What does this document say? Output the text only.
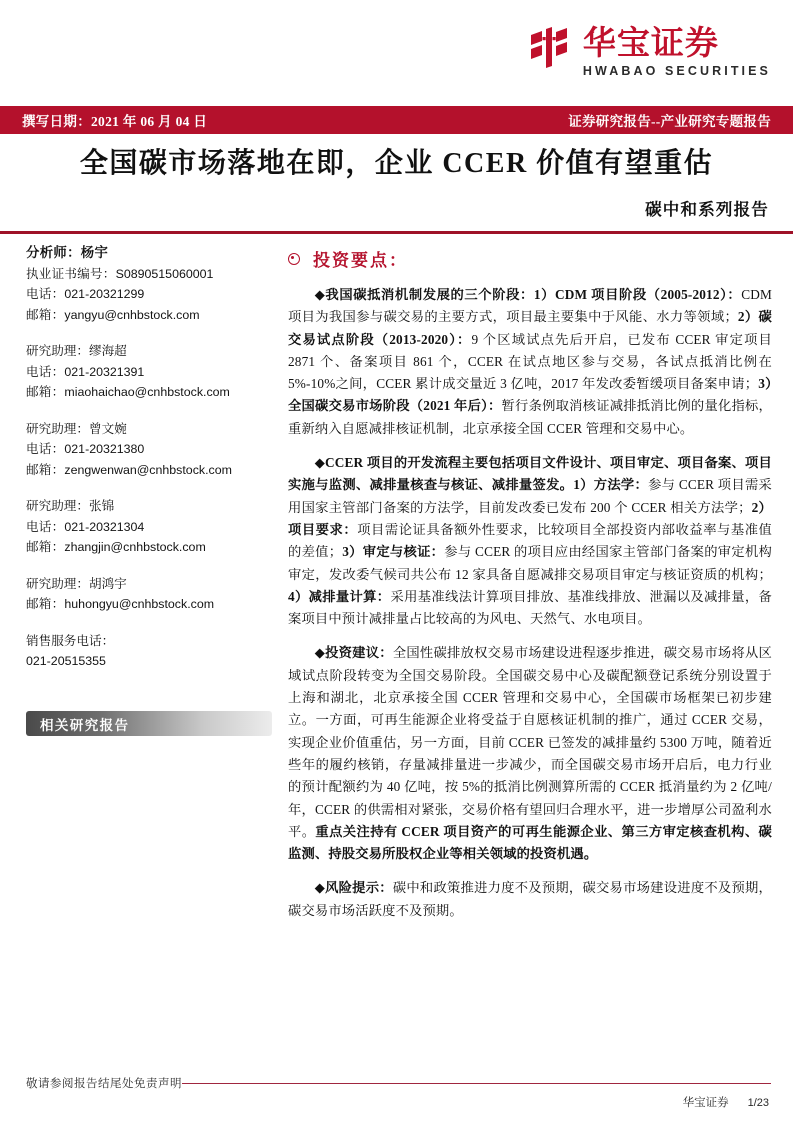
华宝证券
HWABAO SECURITIES
撰写日期：2021 年 06 月 04 日	证券研究报告--产业研究专题报告
全国碳市场落地在即，企业 CCER 价值有望重估
碳中和系列报告
分析师：杨宇
执业证书编号：S0890515060001
电话：021-20321299
邮箱：yangyu@cnhbstock.com
研究助理：缪海超
电话：021-20321391
邮箱：miaohaichao@cnhbstock.com
研究助理：曾文婉
电话：021-20321380
邮箱：zengwenwan@cnhbstock.com
研究助理：张锦
电话：021-20321304
邮箱：zhangjin@cnhbstock.com
研究助理：胡鸿宇
邮箱：huhongyu@cnhbstock.com
销售服务电话：
021-20515355
相关研究报告
投资要点：

◆我国碳抵消机制发展的三个阶段：1）CDM 项目阶段（2005-2012）：CDM 项目为我国参与碳交易的主要方式，项目最主要集中于风能、水力等领域；2）碳交易试点阶段（2013-2020）：9 个区域试点先后开启，已发布 CCER 审定项目 2871 个、备案项目 861 个，CCER 在试点地区参与交易，各试点抵消比例在 5%-10%之间，CCER 累计成交量近 3 亿吨，2017 年发改委暂缓项目备案申请；3）全国碳交易市场阶段（2021 年后）：暂行条例取消核证减排抵消比例的量化指标，重新纳入自愿减排核证机制，北京承接全国 CCER 管理和交易中心。

◆CCER 项目的开发流程主要包括项目文件设计、项目审定、项目备案、项目实施与监测、减排量核查与核证、减排量签发。1）方法学：参与 CCER 项目需采用国家主管部门备案的方法学，目前发改委已发布 200 个 CCER 相关方法学；2）项目要求：项目需论证具备额外性要求，比较项目全部投资内部收益率与基准值的差值；3）审定与核证：参与 CCER 的项目应由经国家主管部门备案的审定机构审定，发改委气候司共公布 12 家具备自愿减排交易项目审定与核证资质的机构；4）减排量计算：采用基准线法计算项目排放、基准线排放、泄漏以及减排量，备案项目中预计减排量占比较高的为风电、天然气、水电项目。

◆投资建议：全国性碳排放权交易市场建设进程逐步推进，碳交易市场将从区域试点阶段转变为全国交易阶段。全国碳交易中心及碳配额登记系统分别设置于上海和湖北，北京承接全国 CCER 管理和交易中心，全国碳市场框架已初步建立。一方面，可再生能源企业将受益于自愿核证机制的推广，通过 CCER 交易，实现企业价值重估，另一方面，目前 CCER 已签发的减排量约 5300 万吨，随着近些年的履约核销，存量减排量进一步减少，而全国碳交易市场开启后，电力行业的预计配额约为 40 亿吨，按 5%的抵消比例测算所需的 CCER 抵消量约为 2 亿吨/年，CCER 的供需相对紧张，交易价格有望回归合理水平，进一步增厚公司盈利水平。重点关注持有 CCER 项目资产的可再生能源企业、第三方审定核查机构、碳监测、持股交易所股权企业等相关领域的投资机遇。

◆风险提示：碳中和政策推进力度不及预期，碳交易市场建设进度不及预期，碳交易市场活跃度不及预期。

敬请参阅报告结尾处免责声明
华宝证券 1/23
